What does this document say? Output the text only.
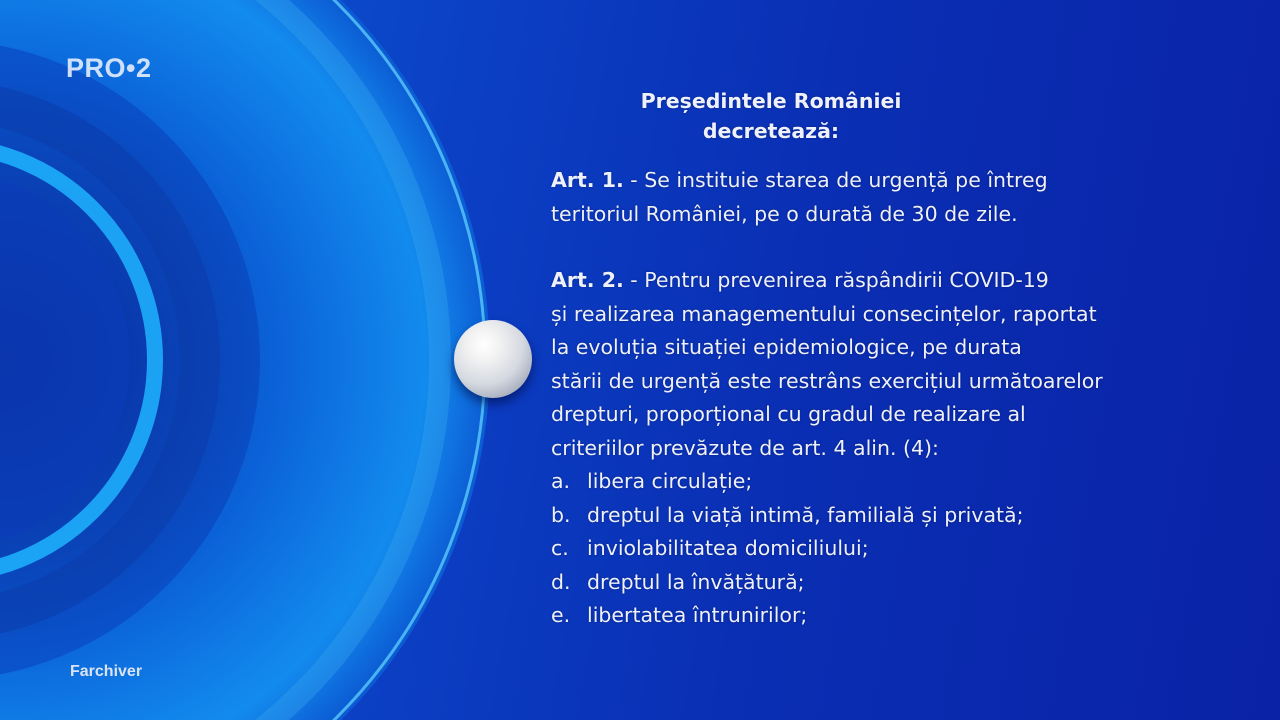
PRO•2
Președintele României
decretează:
Art. 1. - Se instituie starea de urgență pe întreg
teritoriul României, pe o durată de 30 de zile.
Art. 2. - Pentru prevenirea răspândirii COVID-19
și realizarea managementului consecințelor, raportat
la evoluția situației epidemiologice, pe durata
stării de urgență este restrâns exercițiul următoarelor
drepturi, proporțional cu gradul de realizare al
criteriilor prevăzute de art. 4 alin. (4):
a. libera circulație;
b. dreptul la viață intimă, familială și privată;
c. inviolabilitatea domiciliului;
d. dreptul la învățătură;
e. libertatea întrunirilor;
Farchiver
